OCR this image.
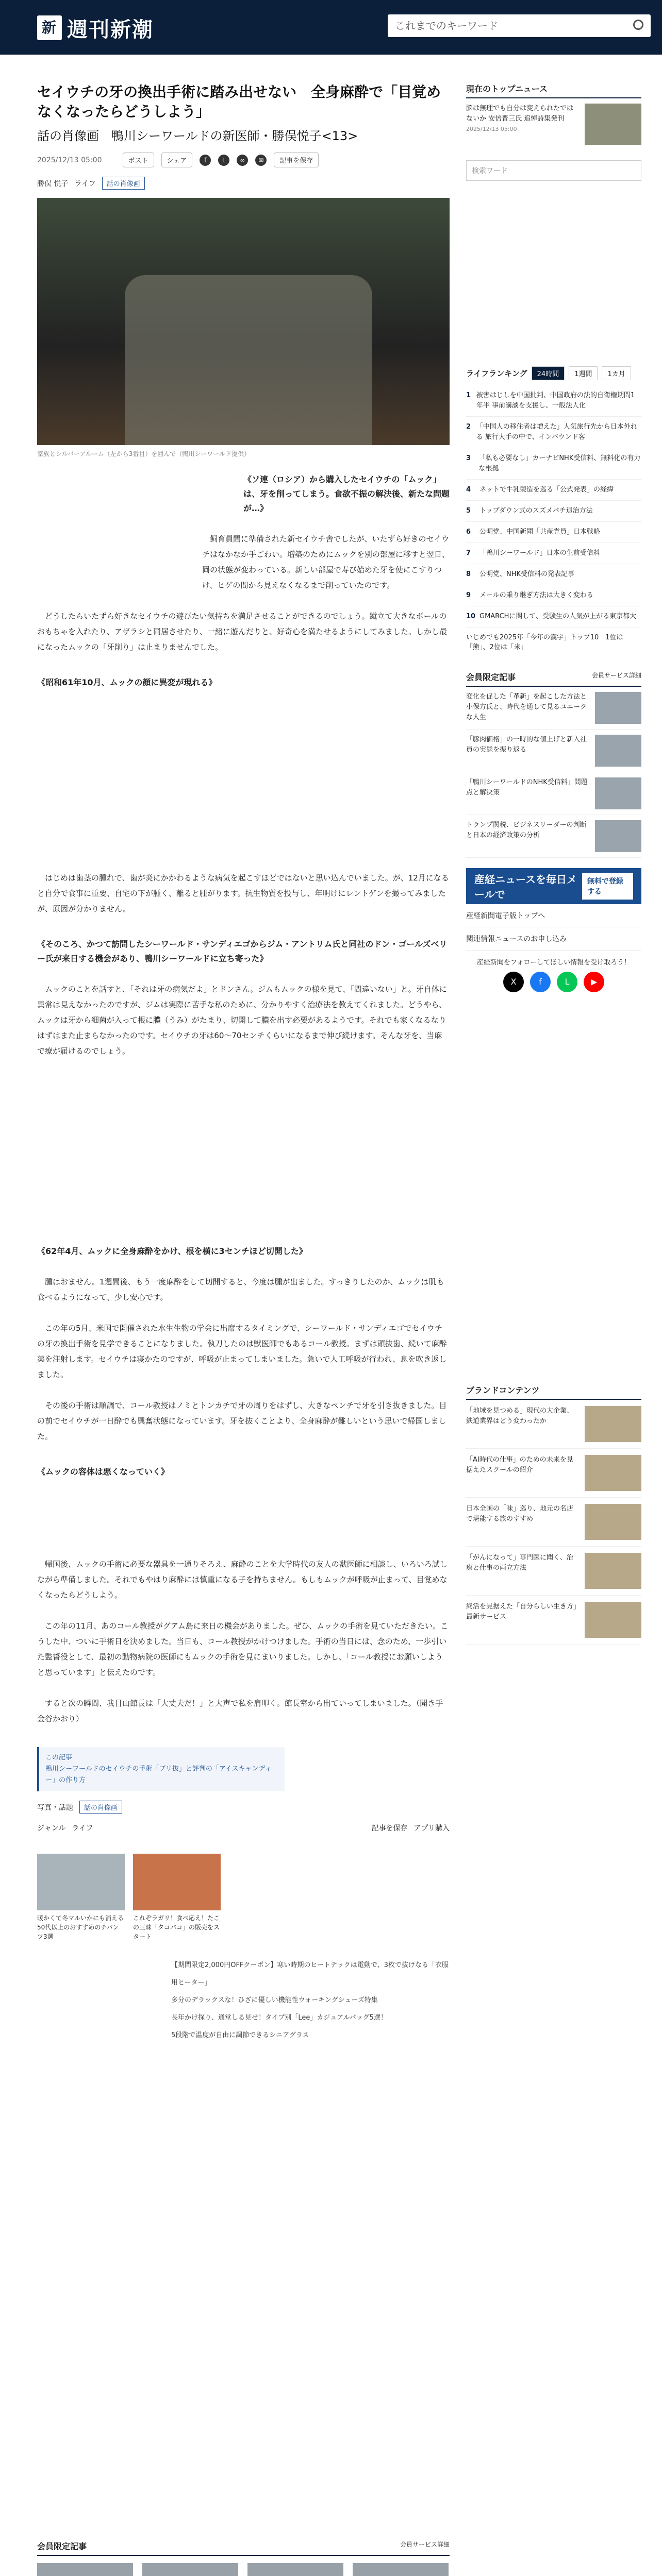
新 週刊新潮	これまでのキーワード
セイウチの牙の換出手術に踏み出せない　全身麻酔で「目覚めなくなったらどうしよう」
話の肖像画　鴨川シーワールドの新医師・勝俣悦子<13>
2025/12/13 05:00	ポスト	シェア	f	L	∞	✉	記事を保存
勝俣 悦子 ライフ	話の肖像画
家族とシルバーアルーム（左から3番目）を囲んで（鴨川シーワールド提供）
《ソ連（ロシア）から購入したセイウチの「ムック」は、牙を削ってしまう。食欲不振の解決後、新たな問題が…》

飼育員間に準備された新セイウチ舎でしたが、いたずら好きのセイウチはなかなか手ごわい。増築のためにムックを別の部屋に移すと翌日、岡の状態が変わっている。新しい部屋で寿び始めた牙を使にこすりつけ、ヒゲの間から見えなくなるまで削っていたのです。

どうしたらいたずら好きなセイウチの遊びたい気持ちを満足させることができるのでしょう。蹴立て大きなボールのおもちゃを入れたり、アザラシと同居させたり、一緒に遊んだりと、好奇心を満たせるようにしてみました。しかし最になったムックの「牙削り」は止まりませんでした。

《昭和61年10月、ムックの顔に異変が現れる》

はじめは歯茎の腫れで、歯が炎にかかわるような病気を起こすほどではないと思い込んでいました。が、12月になると自分で食事に重要、自宅の下が腫く、離ると腫がります。抗生物質を投与し、年明けにレントゲンを撮ってみましたが、原因が分かりません。

《そのころ、かつて訪問したシーワールド・サンディエゴからジム・アントリム氏と同社のドン・ゴールズベリー氏が来日する機会があり、鴨川シーワールドに立ち寄った》

ムックのことを話すと、「それは牙の病気だよ」とドンさん。ジムもムックの様を見て、「間違いない」と。牙自体に異常は見えなかったのですが、ジムは実際に苦手な私のために、分かりやすく治療法を教えてくれました。どうやら、ムックは牙から細菌が入って根に膿（うみ）がたまり、切開して膿を出す必要があるようです。それでも家くなるなりはずはまた止まらなかったのです。セイウチの牙は60〜70センチくらいになるまで伸び続けます。そんな牙を、当麻で療が届けるのでしょう。

《62年4月、ムックに全身麻酔をかけ、根を横に3センチほど切開した》

腫はおません。1週間後、もう一度麻酔をして切開すると、今度は腫が出ました。すっきりしたのか、ムックは肌も食べるようになって、少し安心です。

この年の5月、米国で開催された水生生物の学会に出席するタイミングで、シーワールド・サンディエゴでセイウチの牙の換出手術を見学できることになりました。執刀したのは獣医師でもあるコール教授。まずは頭抜歯、続いて麻酔薬を注射します。セイウチは寝かたのですが、呼吸が止まってしまいました。急いで人工呼吸が行われ、息を吹き返しました。

その後の手術は順調で、コール教授はノミとトンカチで牙の周りをはずし、大きなペンチで牙を引き抜きました。目の前でセイウチが一日酔でも興奮状態になっています。牙を抜くことより、全身麻酔が難しいという思いで帰国しました。

《ムックの容体は悪くなっていく》

帰国後、ムックの手術に必要な器具を一通りそろえ、麻酔のことを大学時代の友人の獣医師に相談し、いろいろ試しながら準備しました。それでもやはり麻酔には慎重になる子を持ちません。もしもムックが呼吸が止まって、目覚めなくなったらどうしよう。

この年の11月、あのコール教授がグアム島に来日の機会がありました。ぜひ、ムックの手術を見ていただきたい。こうした中、ついに手術日を決めました。当日も、コール教授がかけつけました。手術の当日には、念のため、一歩引いた監督役として、最初の動物病院の医師にもムックの手術を見にまいりました。しかし、「コール教授にお願いしようと思っています」と伝えたのです。

すると次の瞬間、我目山館長は「大丈夫だ！」と大声で私を肩叩く。館長室から出ていってしまいました。（聞き手　金谷かおり）

この記事
鴨川シーワールドのセイウチの手術「ブリ抜」と評判の「アイスキャンディー」の作り方
写真・話題	話の肖像画
ジャンル ライフ	記事を保存 アプリ購入
暖かくて冬マルいかにも消える50代以上のおすすめのチバンツ3選
これぞラガリ！食べ応え！たこの三昧「タコバコ」の販売をスタート
【期間限定2,000円OFFクーポン】寒い時期のヒートテックは電動で、3枚で抜けなる「衣服用ヒーター」
多分のデラックスな！ひざに優しい機能性ウォーキングシューズ特集
長年かけ探り、通堂しる見せ！タイプ別「Lee」カジュアルバッグ5選！
5段階で温度が自由に調節できるシニアグラス
現在のトップニュース
脳は無理でも自分は変えられたではないか 安倍晋三氏 追悼詩集発刊
2025/12/13 05:00
検索ワード
ライフランキング	24時間	1週間	1カ月
1 被害はじしを中国批判、中国政府の法的自衛権期間1年半 事前講談を支援し、一般法人化
2 「中国人の移住者は増えた」人気旅行先から日本外れる 旅行大手の中で、インバウンド客
3	「私も必要なし」カーナビNHK受信料、無料化の有力な根拠
4	ネットで牛乳製造を巡る「公式発表」の経緯
5	トップダウン式のスズメバチ退治方法
6	公明党、中国新聞「共産党員」日本戦略
7	「鴨川シーワールド」日本の生前受信料
8	公明党、NHK受信料の発表記事
9	メールの乗り継ぎ方法は大きく変わる
10 GMARCHに関して、受験生の人気が上がる東京都大
いじめでも2025年「今年の漢字」トップ10　1位は「熊」、2位は「米」
会員限定記事	会員サービス詳細
変化を促した「革新」を起こした方法と小保方氏と、時代を通して見るユニークな人生
「豚肉価格」の一時的な値上げと新入社員の実態を振り返る
「鴨川シーワールドのNHK受信料」問題点と解決策
トランプ関税、ビジネスリーダーの判断と日本の経済政策の分析
産経ニュースを毎日メールで
無料で登録する
産経新聞電子版トップへ
関連情報ニュースのお申し込み
産経新聞をフォローしてほしい情報を受け取ろう！
X	f	L	▶
ブランドコンテンツ
「地域を見つめる」現代の大企業、鉄道業界はどう変わったか
「AI時代の仕事」のための未来を見据えたスクールの紹介
日本全国の「味」巡り、地元の名店で堪能する旅のすすめ
「がんになって」専門医に聞く、治療と仕事の両立方法
終活を見据えた「自分らしい生き方」最新サービス
会員限定記事	会員サービス詳細
